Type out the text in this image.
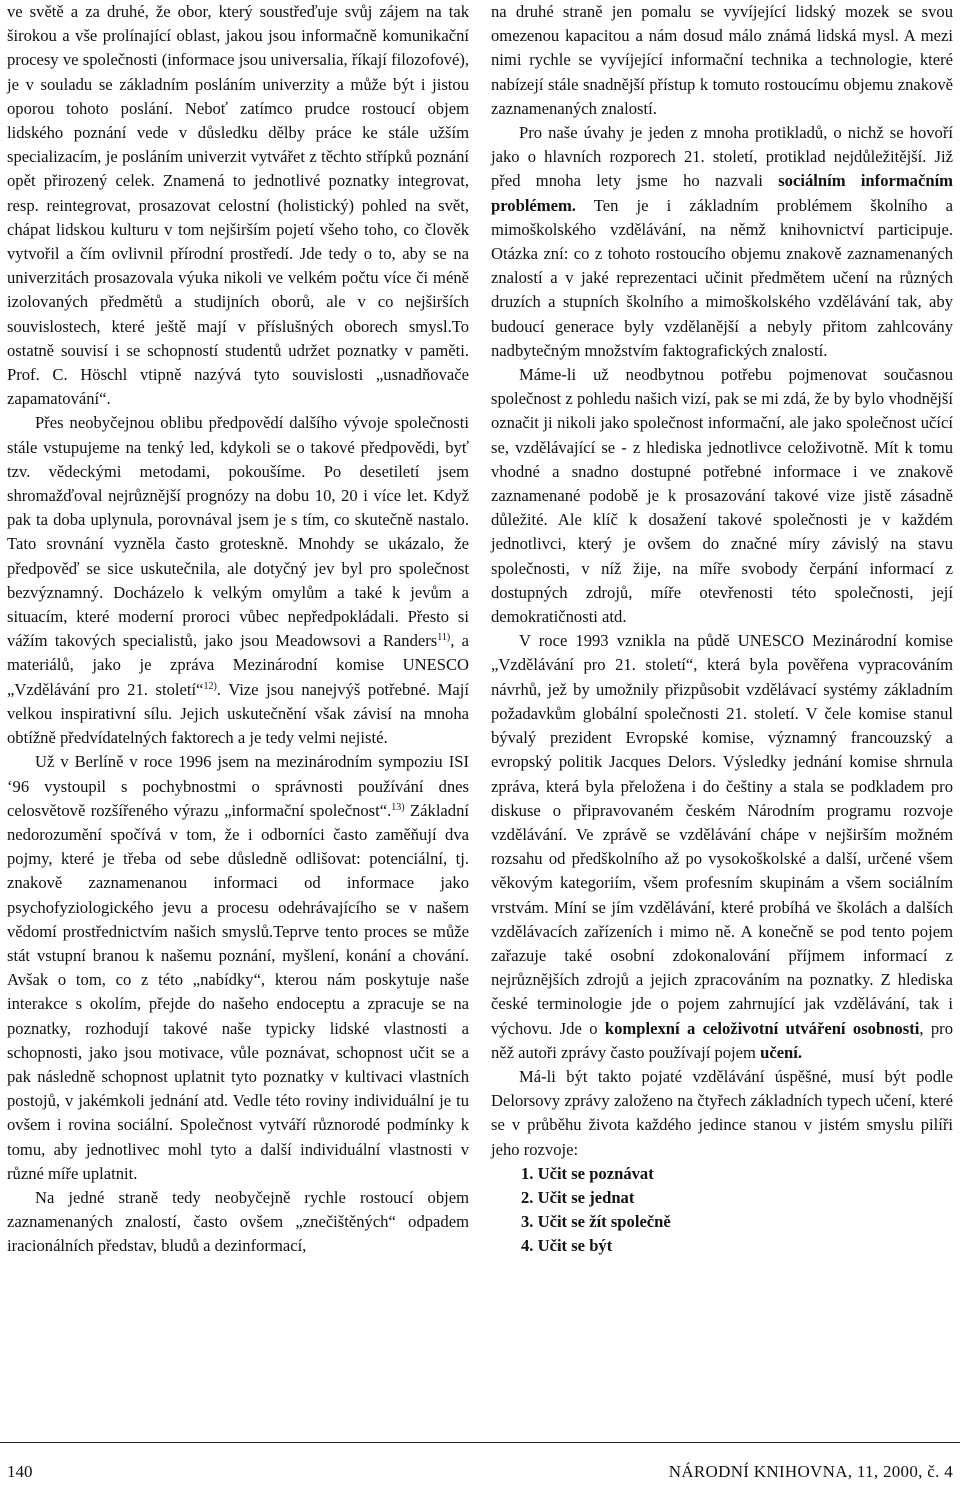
ve světě a za druhé, že obor, který soustřeďuje svůj zájem na tak širokou a vše prolínající oblast, jakou jsou informačně komunikační procesy ve společnosti (informace jsou universalia, říkají filozofové), je v souladu se základním posláním univerzity a může být i jistou oporou tohoto poslání. Neboť zatímco prudce rostoucí objem lidského poznání vede v důsledku dělby práce ke stále užším specializacím, je posláním univerzit vytvářet z těchto střípků poznání opět přirozený celek. Znamená to jednotlivé poznatky integrovat, resp. reintegrovat, prosazovat celostní (holistický) pohled na svět, chápat lidskou kulturu v tom nejširším pojetí všeho toho, co člověk vytvořil a čím ovlivnil přírodní prostředí. Jde tedy o to, aby se na univerzitách prosazovala výuka nikoli ve velkém počtu více či méně izolovaných předmětů a studijních oborů, ale v co nejširších souvislostech, které ještě mají v příslušných oborech smysl.To ostatně souvisí i se schopností studentů udržet poznatky v paměti. Prof. C. Höschl vtipně nazývá tyto souvislosti „usnadňovače zapamatování“.

Přes neobyčejnou oblibu předpovědí dalšího vývoje společnosti stále vstupujeme na tenký led, kdykoli se o takové předpovědi, byť tzv. vědeckými metodami, pokoušíme. Po desetiletí jsem shromažďoval nejrůznější prognózy na dobu 10, 20 i více let. Když pak ta doba uplynula, porovnával jsem je s tím, co skutečně nastalo. Tato srovnání vyzněla často groteskně. Mnohdy se ukázalo, že předpověď se sice uskutečnila, ale dotyčný jev byl pro společnost bezvýznamný. Docházelo k velkým omylům a také k jevům a situacím, které moderní proroci vůbec nepředpokládali. Přesto si vážím takových specialistů, jako jsou Meadowsovi a Randers$^{11)}$, a materiálů, jako je zpráva Mezinárodní komise UNESCO „Vzdělávání pro 21. století“$^{12)}$. Vize jsou nanejvýš potřebné. Mají velkou inspirativní sílu. Jejich uskutečnění však závisí na mnoha obtížně předvídatelných faktorech a je tedy velmi nejisté.

Už v Berlíně v roce 1996 jsem na mezinárodním sympoziu ISI ‘96 vystoupil s pochybnostmi o správnosti používání dnes celosvětově rozšířeného výrazu „informační společnost“.$^{13)}$ Základní nedorozumění spočívá v tom, že i odborníci často zaměňují dva pojmy, které je třeba od sebe důsledně odlišovat: potenciální, tj. znakově zaznamenanou informaci od informace jako psychofyziologického jevu a procesu odehrávajícího se v našem vědomí prostřednictvím našich smyslů.Teprve tento proces se může stát vstupní branou k našemu poznání, myšlení, konání a chování. Avšak o tom, co z této „nabídky“, kterou nám poskytuje naše interakce s okolím, přejde do našeho endoceptu a zpracuje se na poznatky, rozhodují takové naše typicky lidské vlastnosti a schopnosti, jako jsou motivace, vůle poznávat, schopnost učit se a pak následně schopnost uplatnit tyto poznatky v kultivaci vlastních postojů, v jakémkoli jednání atd. Vedle této roviny individuální je tu ovšem i rovina sociální. Společnost vytváří různorodé podmínky k tomu, aby jednotlivec mohl tyto a další individuální vlastnosti v různé míře uplatnit.

Na jedné straně tedy neobyčejně rychle rostoucí objem zaznamenaných znalostí, často ovšem „znečištěných“ odpadem iracionálních představ, bludů a dezinformací,

na druhé straně jen pomalu se vyvíjející lidský mozek se svou omezenou kapacitou a nám dosud málo známá lidská mysl. A mezi nimi rychle se vyvíjející informační technika a technologie, které nabízejí stále snadnější přístup k tomuto rostoucímu objemu znakově zaznamenaných znalostí.

Pro naše úvahy je jeden z mnoha protikladů, o nichž se hovoří jako o hlavních rozporech 21. století, protiklad nejdůležitější. Již před mnoha lety jsme ho nazvali sociálním informačním problémem. Ten je i základním problémem školního a mimoškolského vzdělávání, na němž knihovnictví participuje. Otázka zní: co z tohoto rostoucího objemu znakově zaznamenaných znalostí a v jaké reprezentaci učinit předmětem učení na různých druzích a stupních školního a mimoškolského vzdělávání tak, aby budoucí generace byly vzdělanější a nebyly přitom zahlcovány nadbytečným množstvím faktografických znalostí.

Máme-li už neodbytnou potřebu pojmenovat současnou společnost z pohledu našich vizí, pak se mi zdá, že by bylo vhodnější označit ji nikoli jako společnost informační, ale jako společnost učící se, vzdělávající se - z hlediska jednotlivce celoživotně. Mít k tomu vhodné a snadno dostupné potřebné informace i ve znakově zaznamenané podobě je k prosazování takové vize jistě zásadně důležité. Ale klíč k dosažení takové společnosti je v každém jednotlivci, který je ovšem do značné míry závislý na stavu společnosti, v níž žije, na míře svobody čerpání informací z dostupných zdrojů, míře otevřenosti této společnosti, její demokratičnosti atd.

V roce 1993 vznikla na půdě UNESCO Mezinárodní komise „Vzdělávání pro 21. století“, která byla pověřena vypracováním návrhů, jež by umožnily přizpůsobit vzdělávací systémy základním požadavkům globální společnosti 21. století. V čele komise stanul bývalý prezident Evropské komise, významný francouzský a evropský politik Jacques Delors. Výsledky jednání komise shrnula zpráva, která byla přeložena i do češtiny a stala se podkladem pro diskuse o připravovaném českém Národním programu rozvoje vzdělávání. Ve zprávě se vzdělávání chápe v nejširším možném rozsahu od předškolního až po vysokoškolské a další, určené všem věkovým kategoriím, všem profesním skupinám a všem sociálním vrstvám. Míní se jím vzdělávání, které probíhá ve školách a dalších vzdělávacích zařízeních i mimo ně. A konečně se pod tento pojem zařazuje také osobní zdokonalování příjmem informací z nejrůznějších zdrojů a jejich zpracováním na poznatky. Z hlediska české terminologie jde o pojem zahrnující jak vzdělávání, tak i výchovu. Jde o komplexní a celoživotní utváření osobnosti, pro něž autoři zprávy často používají pojem učení.

Má-li být takto pojaté vzdělávání úspěšné, musí být podle Delorsovy zprávy založeno na čtyřech základních typech učení, které se v průběhu života každého jedince stanou v jistém smyslu pilíři jeho rozvoje:

1. Učit se poznávat
2. Učit se jednat
3. Učit se žít společně
4. Učit se být
140	NÁRODNÍ KNIHOVNA, 11, 2000, č. 4
